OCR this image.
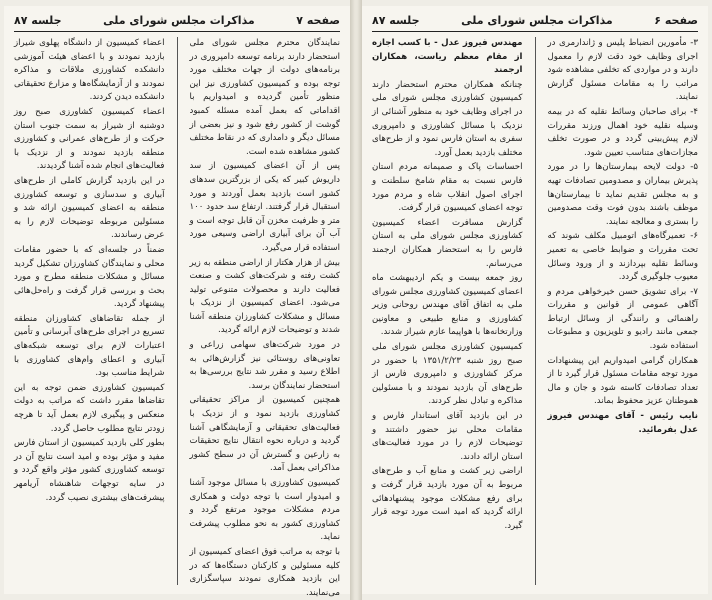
صفحه ۷
مذاکرات مجلس شورای ملی
جلسه ۸۷

نمایندگان محترم مجلس شورای ملی استحضار دارند برنامه توسعه دامپروری در برنامه‌های دولت از جهات مختلف مورد توجه بوده و کمیسیون کشاورزی نیز این منظور تأمین گردیده و امیدواریم با اقداماتی که بعمل آمده مسئله کمبود گوشت از کشور رفع شود و نیز بعضی از مسائل دیگر و دامداری که در نقاط مختلف کشور مشاهده شده است.

پس از آن اعضای کمیسیون از سد داریوش کبیر که یکی از بزرگترین سدهای کشور است بازدید بعمل آوردند و مورد استقبال قرار گرفتند. ارتفاع سد حدود ۱۰۰ متر و ظرفیت مخزن آن قابل توجه است و آب آن برای آبیاری اراضی وسیعی مورد استفاده قرار می‌گیرد.

بیش از هزار هکتار از اراضی منطقه به زیر کشت رفته و شرکت‌های کشت و صنعت فعالیت دارند و محصولات متنوعی تولید می‌شود. اعضای کمیسیون از نزدیک با مسائل و مشکلات کشاورزان منطقه آشنا شدند و توضیحات لازم ارائه گردید.

در مورد شرکت‌های سهامی زراعی و تعاونی‌های روستائی نیز گزارش‌هائی به اطلاع رسید و مقرر شد نتایج بررسی‌ها به استحضار نمایندگان برسد.

همچنین کمیسیون از مراکز تحقیقاتی کشاورزی بازدید نمود و از نزدیک با فعالیت‌های تحقیقاتی و آزمایشگاهی آشنا گردید و درباره نحوه انتقال نتایج تحقیقات به زارعین و گسترش آن در سطح کشور مذاکراتی بعمل آمد.

کمیسیون کشاورزی با مسائل موجود آشنا و امیدوار است با توجه دولت و همکاری مردم مشکلات موجود مرتفع گردد و کشاورزی کشور به نحو مطلوب پیشرفت نماید.

با توجه به مراتب فوق اعضای کمیسیون از کلیه مسئولین و کارکنان دستگاه‌ها که در این بازدید همکاری نمودند سپاسگزاری می‌نمایند.

اعضاء کمیسیون از دانشگاه پهلوی شیراز بازدید نمودند و با اعضای هیئت آموزشی دانشکده کشاورزی ملاقات و مذاکره نمودند و از آزمایشگاه‌ها و مزارع تحقیقاتی دانشکده دیدن کردند.

اعضاء کمیسیون کشاورزی صبح روز دوشنبه از شیراز به سمت جنوب استان حرکت و از طرح‌های عمرانی و کشاورزی منطقه بازدید نمودند و از نزدیک با فعالیت‌های انجام شده آشنا گردیدند.

در این بازدید گزارش کاملی از طرح‌های آبیاری و سدسازی و توسعه کشاورزی منطقه به اعضای کمیسیون ارائه شد و مسئولین مربوطه توضیحات لازم را به عرض رساندند.

ضمناً در جلسه‌ای که با حضور مقامات محلی و نمایندگان کشاورزان تشکیل گردید مسائل و مشکلات منطقه مطرح و مورد بحث و بررسی قرار گرفت و راه‌حل‌هائی پیشنهاد گردید.

از جمله تقاضاهای کشاورزان منطقه تسریع در اجرای طرح‌های آبرسانی و تأمین اعتبارات لازم برای توسعه شبکه‌های آبیاری و اعطای وام‌های کشاورزی با شرایط مناسب بود.

کمیسیون کشاورزی ضمن توجه به این تقاضاها مقرر داشت که مراتب به دولت منعکس و پیگیری لازم بعمل آید تا هرچه زودتر نتایج مطلوب حاصل گردد.

بطور کلی بازدید کمیسیون از استان فارس مفید و مؤثر بوده و امید است نتایج آن در توسعه کشاورزی کشور مؤثر واقع گردد و در سایه توجهات شاهنشاه آریامهر پیشرفت‌های بیشتری نصیب گردد.

صفحه ۶
مذاکرات مجلس شورای ملی
جلسه ۸۷

۳- مأمورین انضباط پلیس و ژاندارمری در اجرای وظایف خود دقت لازم را معمول دارند و در مواردی که تخلفی مشاهده شود مراتب را به مقامات مسئول گزارش نمایند.

۴- برای صاحبان وسائط نقلیه که در بیمه وسیله نقلیه خود اهمال ورزند مقررات لازم پیش‌بینی گردد و در صورت تخلف مجازات‌های متناسب تعیین شود.

۵- دولت لایحه بیمارستان‌ها را در مورد پذیرش بیماران و مصدومین تصادفات تهیه و به مجلس تقدیم نماید تا بیمارستان‌ها موظف باشند بدون فوت وقت مصدومین را بستری و معالجه نمایند.

۶- تعمیرگاه‌های اتومبیل مکلف شوند که تحت مقررات و ضوابط خاصی به تعمیر وسائط نقلیه بپردازند و از ورود وسائل معیوب جلوگیری گردد.

۷- برای تشویق حسن خیرخواهی مردم و آگاهی عمومی از قوانین و مقررات راهنمائی و رانندگی از وسائل ارتباط جمعی مانند رادیو و تلویزیون و مطبوعات استفاده شود.

همکاران گرامی امیدواریم این پیشنهادات مورد توجه مقامات مسئول قرار گیرد تا از تعداد تصادفات کاسته شود و جان و مال هموطنان عزیز محفوظ بماند.

نایب رئیس - آقای مهندس فیروز عدل بفرمائید.

مهندس فیروز عدل - با کسب اجازه از مقام معظم ریاست، همکاران ارجمند

چنانکه همکاران محترم استحضار دارند کمیسیون کشاورزی مجلس شورای ملی در اجرای وظایف خود به منظور آشنائی از نزدیک با مسائل کشاورزی و دامپروری سفری به استان فارس نمود و از طرح‌های مختلف بازدید بعمل آورد.

احساسات پاک و صمیمانه مردم استان فارس نسبت به مقام شامخ سلطنت و اجرای اصول انقلاب شاه و مردم مورد توجه اعضای کمیسیون قرار گرفت.

گزارش مسافرت اعضاء کمیسیون کشاورزی مجلس شورای ملی به استان فارس را به استحضار همکاران ارجمند می‌رسانم.

روز جمعه بیست و یکم اردیبهشت ماه اعضای کمیسیون کشاورزی مجلس شورای ملی به اتفاق آقای مهندس روحانی وزیر کشاورزی و منابع طبیعی و معاونین وزارتخانه‌ها با هواپیما عازم شیراز شدند.

کمیسیون کشاورزی مجلس شورای ملی صبح روز شنبه ۱۳۵۱/۲/۲۳ با حضور در مرکز کشاورزی و دامپروری فارس از طرح‌های آن بازدید نمودند و با مسئولین مذاکره و تبادل نظر کردند.

در این بازدید آقای استاندار فارس و مقامات محلی نیز حضور داشتند و توضیحات لازم را در مورد فعالیت‌های استان ارائه دادند.

اراضی زیر کشت و منابع آب و طرح‌های مربوط به آن مورد بازدید قرار گرفت و برای رفع مشکلات موجود پیشنهادهائی ارائه گردید که امید است مورد توجه قرار گیرد.
